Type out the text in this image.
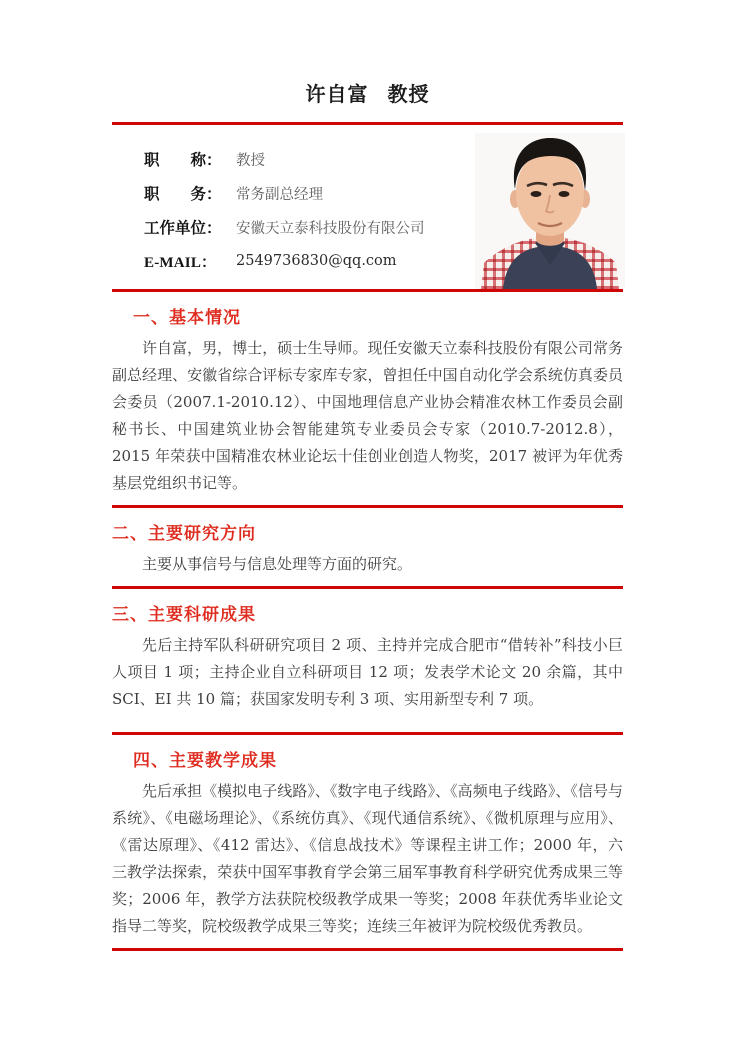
许自富 教授
职　　称： 教授
职　　务： 常务副总经理
工作单位： 安徽天立泰科技股份有限公司
E-MAIL：	2549736830@qq.com
一、基本情况

许自富，男，博士，硕士生导师。现任安徽天立泰科技股份有限公司常务副总经理、安徽省综合评标专家库专家，曾担任中国自动化学会系统仿真委员会委员（2007.1-2010.12）、中国地理信息产业协会精准农林工作委员会副秘书长、中国建筑业协会智能建筑专业委员会专家（2010.7-2012.8），2015 年荣获中国精准农林业论坛十佳创业创造人物奖，2017 被评为年优秀基层党组织书记等。

二、主要研究方向

主要从事信号与信息处理等方面的研究。

三、主要科研成果

先后主持军队科研研究项目 2 项、主持并完成合肥市“借转补”科技小巨人项目 1 项；主持企业自立科研项目 12 项；发表学术论文 20 余篇，其中 SCI、EI 共 10 篇；获国家发明专利 3 项、实用新型专利 7 项。

四、主要教学成果

先后承担《模拟电子线路》、《数字电子线路》、《高频电子线路》、《信号与系统》、《电磁场理论》、《系统仿真》、《现代通信系统》、《微机原理与应用》、《雷达原理》、《412 雷达》、《信息战技术》等课程主讲工作；2000 年，六三教学法探索，荣获中国军事教育学会第三届军事教育科学研究优秀成果三等奖；2006 年，教学方法获院校级教学成果一等奖；2008 年获优秀毕业论文指导二等奖，院校级教学成果三等奖；连续三年被评为院校级优秀教员。
